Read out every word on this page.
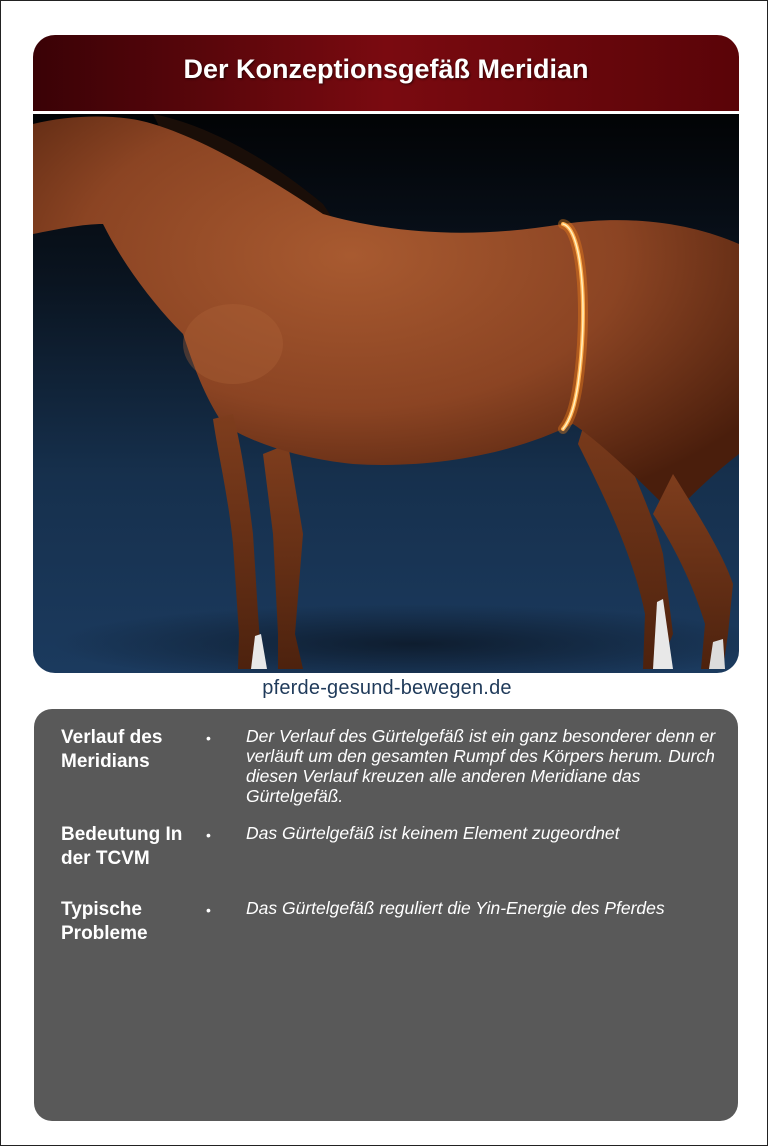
Der Konzeptionsgefäß Meridian
pferde-gesund-bewegen.de
Verlauf des Meridians
• Der Verlauf des Gürtelgefäß ist ein ganz besonderer denn er verläuft um den gesamten Rumpf des Körpers herum. Durch diesen Verlauf kreuzen alle anderen Meridiane das Gürtelgefäß.
Bedeutung In der TCVM
• Das Gürtelgefäß ist keinem Element zugeordnet
Typische Probleme
• Das Gürtelgefäß reguliert die Yin-Energie des Pferdes
